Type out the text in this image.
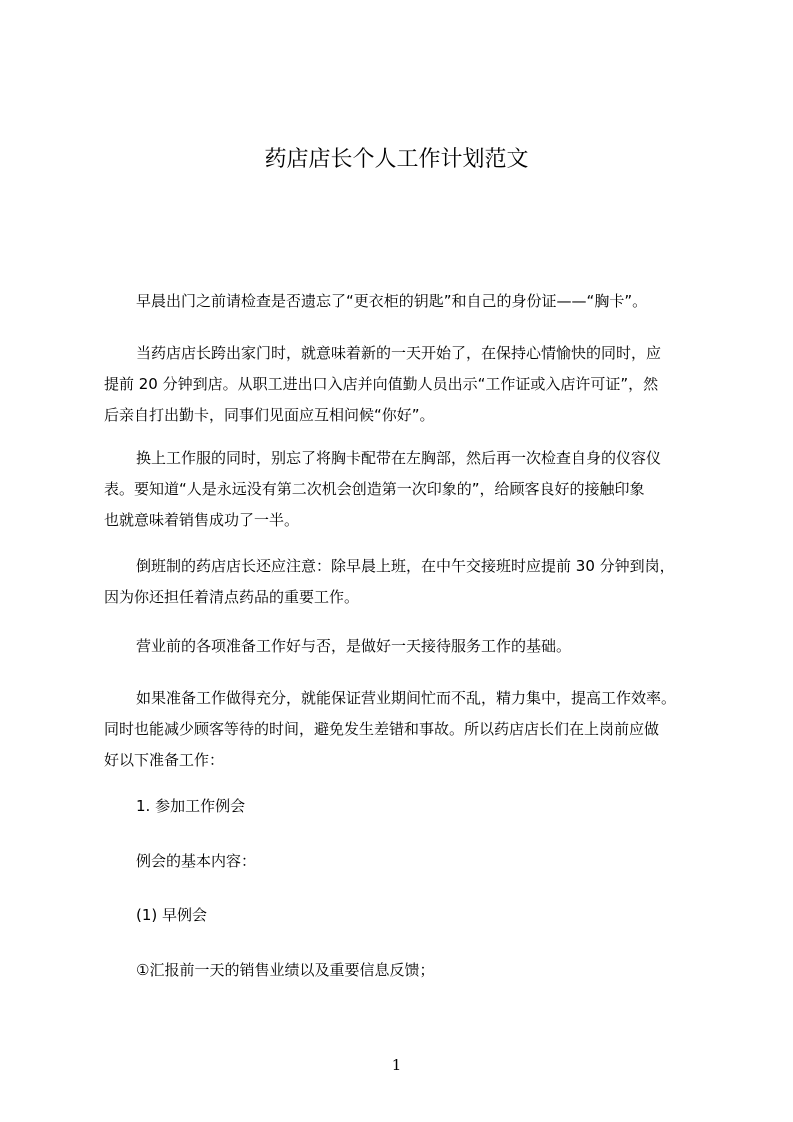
药店店长个人工作计划范文
早晨出门之前请检查是否遗忘了“更衣柜的钥匙”和自己的身份证——“胸卡”。
当药店店长跨出家门时，就意味着新的一天开始了，在保持心情愉快的同时，应
提前 20 分钟到店。从职工进出口入店并向值勤人员出示“工作证或入店许可证”，然
后亲自打出勤卡，同事们见面应互相问候“你好”。
换上工作服的同时，别忘了将胸卡配带在左胸部，然后再一次检查自身的仪容仪
表。要知道“人是永远没有第二次机会创造第一次印象的”，给顾客良好的接触印象
也就意味着销售成功了一半。
倒班制的药店店长还应注意：除早晨上班，在中午交接班时应提前 30 分钟到岗，
因为你还担任着清点药品的重要工作。
营业前的各项准备工作好与否，是做好一天接待服务工作的基础。
如果准备工作做得充分，就能保证营业期间忙而不乱，精力集中，提高工作效率。
同时也能减少顾客等待的时间，避免发生差错和事故。所以药店店长们在上岗前应做
好以下准备工作：
1. 参加工作例会
例会的基本内容：
(1) 早例会
①汇报前一天的销售业绩以及重要信息反馈；
1
